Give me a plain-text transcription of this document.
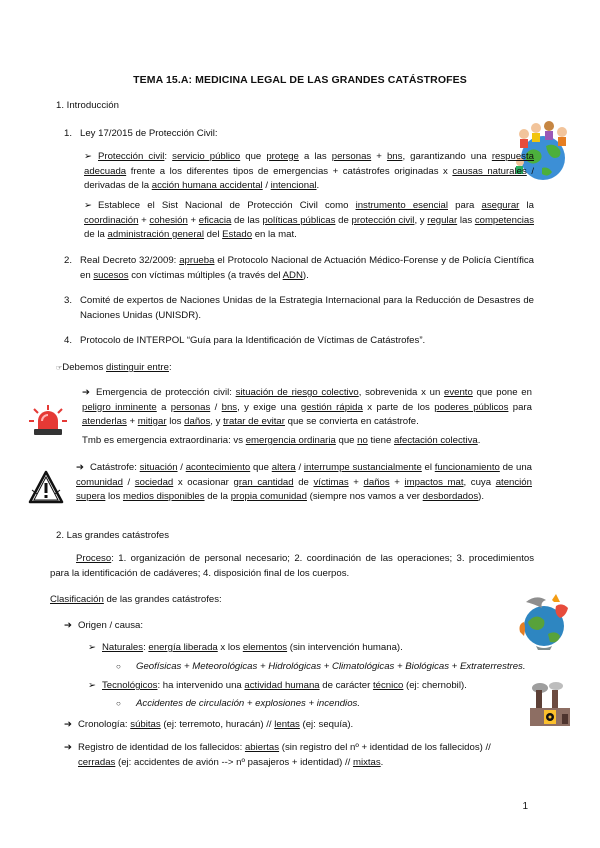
TEMA 15.A: MEDICINA LEGAL DE LAS GRANDES CATÁSTROFES
1. Introducción
1. Ley 17/2015 de Protección Civil:
➢ Protección civil: servicio público que protege a las personas + bns, garantizando una respuesta adecuada frente a los diferentes tipos de emergencias + catástrofes originadas x causas naturales / derivadas de la acción humana accidental / intencional.
➢ Establece el Sist Nacional de Protección Civil como instrumento esencial para asegurar la coordinación + cohesión + eficacia de las políticas públicas de protección civil, y regular las competencias de la administración general del Estado en la mat.
2. Real Decreto 32/2009: aprueba el Protocolo Nacional de Actuación Médico-Forense y de Policía Científica en sucesos con víctimas múltiples (a través del ADN).
3. Comité de expertos de Naciones Unidas de la Estrategia Internacional para la Reducción de Desastres de Naciones Unidas (UNISDR).
4. Protocolo de INTERPOL “Guía para la Identificación de Víctimas de Catástrofes”.
☞Debemos distinguir entre:
➔ Emergencia de protección civil: situación de riesgo colectivo, sobrevenida x un evento que pone en peligro inminente a personas / bns, y exige una gestión rápida x parte de los poderes públicos para atenderlas + mitigar los daños, y tratar de evitar que se convierta en catástrofe.
Tmb es emergencia extraordinaria: vs emergencia ordinaria que no tiene afectación colectiva.
➔ Catástrofe: situación / acontecimiento que altera / interrumpe sustancialmente el funcionamiento de una comunidad / sociedad x ocasionar gran cantidad de víctimas + daños + impactos mat, cuya atención supera los medios disponibles de la propia comunidad (siempre nos vamos a ver desbordados).
2. Las grandes catástrofes
Proceso: 1. organización de personal necesario; 2. coordinación de las operaciones; 3. procedimientos para la identificación de cadáveres; 4. disposición final de los cuerpos.
Clasificación de las grandes catástrofes:
➔ Origen / causa:
➢ Naturales: energía liberada x los elementos (sin intervención humana).
○ Geofísicas + Meteorológicas + Hidrológicas + Climatológicas + Biológicas + Extraterrestres.
➢ Tecnológicos: ha intervenido una actividad humana de carácter técnico (ej: chernobil).
○ Accidentes de circulación + explosiones + incendios.
➔ Cronología: súbitas (ej: terremoto, huracán) // lentas (ej: sequía).
➔ Registro de identidad de los fallecidos: abiertas (sin registro del nº + identidad de los fallecidos) //
cerradas (ej: accidentes de avión --> nº pasajeros + identidad) // mixtas.
1
